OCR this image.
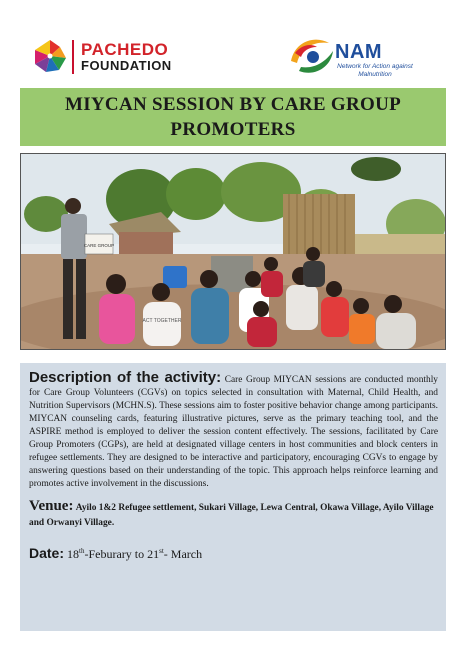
PACHEDO
FOUNDATION
NAM
Network for Action against Malnutrition
MIYCAN SESSION BY CARE GROUP PROMOTERS
CARE GROUP
ACT TOGETHER

Description of the activity: Care Group MIYCAN sessions are conducted monthly for Care Group Volunteers (CGVs) on topics selected in consultation with Maternal, Child Health, and Nutrition Supervisors (MCHN.S). These sessions aim to foster positive behavior change among participants. MIYCAN counseling cards, featuring illustrative pictures, serve as the primary teaching tool, and the ASPIRE method is employed to deliver the session content effectively. The sessions, facilitated by Care Group Promoters (CGPs), are held at designated village centers in host communities and block centers in refugee settlements. They are designed to be interactive and participatory, encouraging CGVs to engage by answering questions based on their understanding of the topic. This approach helps reinforce learning and promotes active involvement in the discussions.

Venue: Ayilo 1&2 Refugee settlement, Sukari Village, Lewa Central, Okawa Village, Ayilo Village and Orwanyi Village.

Date: 18th-Feburary to 21st- March
